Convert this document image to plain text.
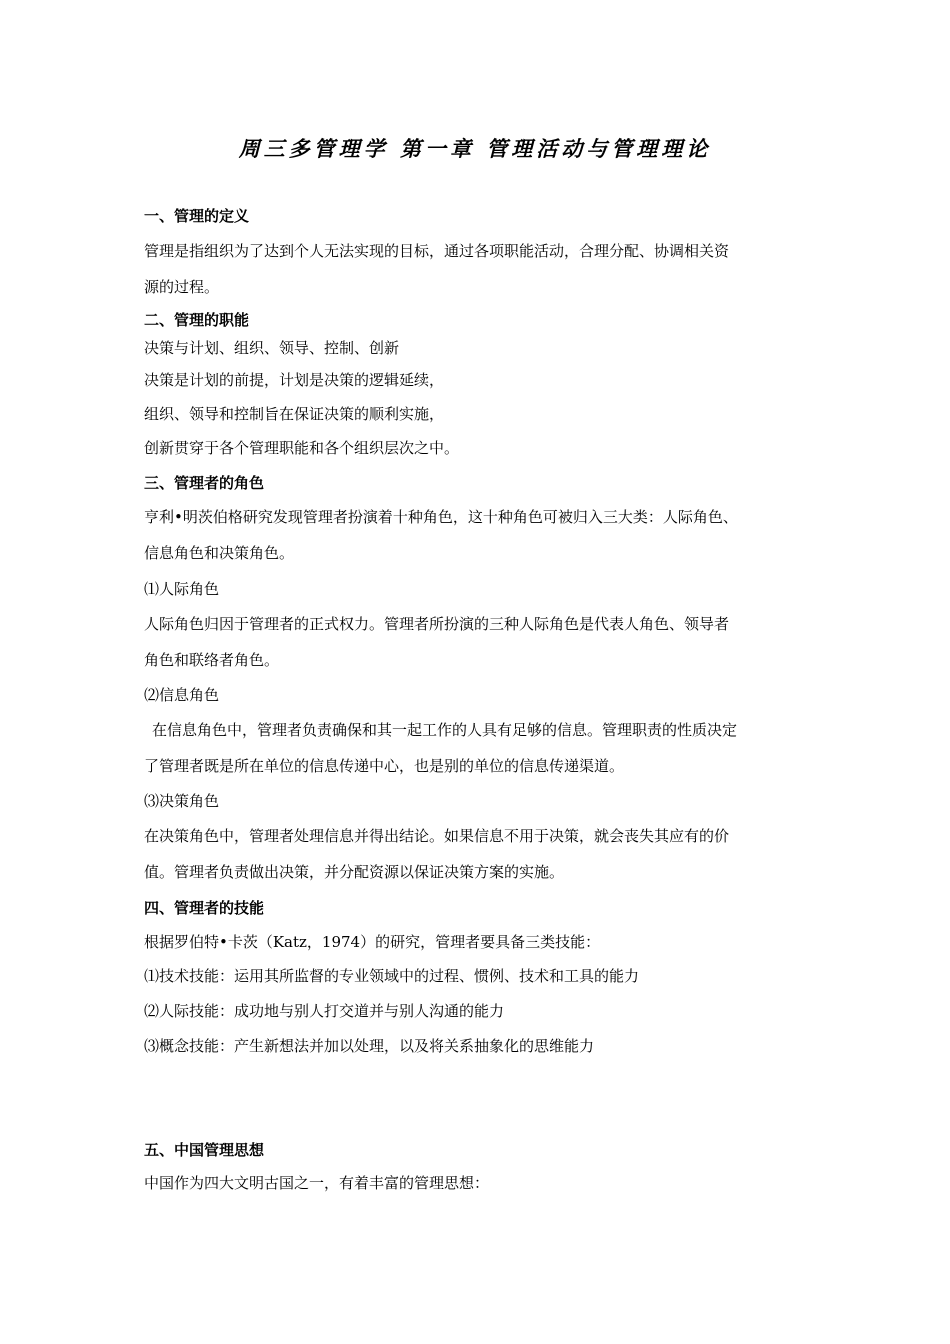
周三多管理学 第一章 管理活动与管理理论
一、管理的定义
管理是指组织为了达到个人无法实现的目标，通过各项职能活动，合理分配、协调相关资
源的过程。
二、管理的职能
决策与计划、组织、领导、控制、创新
决策是计划的前提，计划是决策的逻辑延续，
组织、领导和控制旨在保证决策的顺利实施，
创新贯穿于各个管理职能和各个组织层次之中。
三、管理者的角色
亨利•明茨伯格研究发现管理者扮演着十种角色，这十种角色可被归入三大类：人际角色、
信息角色和决策角色。
⑴人际角色
人际角色归因于管理者的正式权力。管理者所扮演的三种人际角色是代表人角色、领导者
角色和联络者角色。
⑵信息角色
在信息角色中，管理者负责确保和其一起工作的人具有足够的信息。管理职责的性质决定
了管理者既是所在单位的信息传递中心，也是别的单位的信息传递渠道。
⑶决策角色
在决策角色中，管理者处理信息并得出结论。如果信息不用于决策，就会丧失其应有的价
值。管理者负责做出决策，并分配资源以保证决策方案的实施。
四、管理者的技能
根据罗伯特•卡茨（Katz，1974）的研究，管理者要具备三类技能：
⑴技术技能：运用其所监督的专业领域中的过程、惯例、技术和工具的能力
⑵人际技能：成功地与别人打交道并与别人沟通的能力
⑶概念技能：产生新想法并加以处理，以及将关系抽象化的思维能力
五、中国管理思想
中国作为四大文明古国之一，有着丰富的管理思想：
